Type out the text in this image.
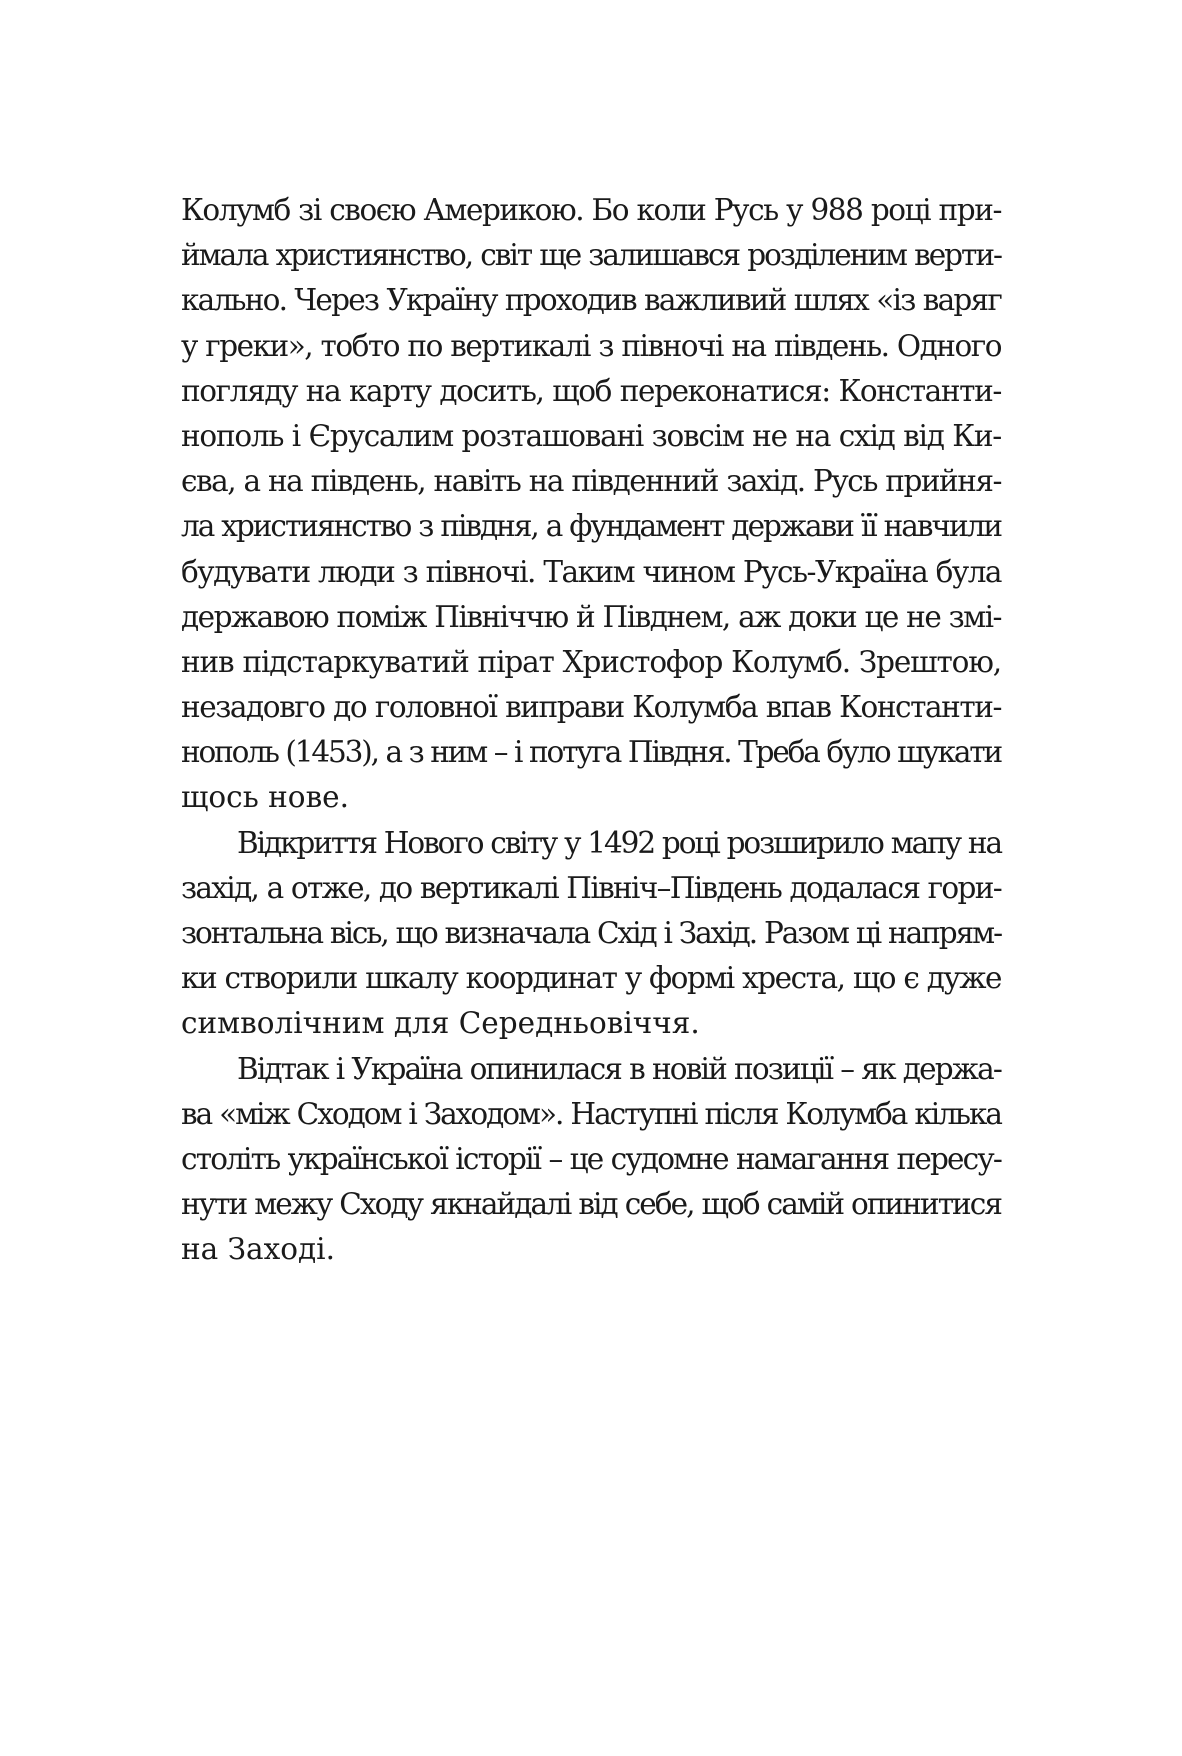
Колумб зі своєю Америкою. Бо коли Русь у 988 році при-
ймала християнство, світ ще залишався розділеним верти-
кально. Через Україну проходив важливий шлях «із варяг
у греки», тобто по вертикалі з півночі на південь. Одного
погляду на карту досить, щоб переконатися: Константи-
нополь і Єрусалим розташовані зовсім не на схід від Ки-
єва, а на південь, навіть на південний захід. Русь прийня-
ла християнство з півдня, а фундамент держави її навчили
будувати люди з півночі. Таким чином Русь-Україна була
державою поміж Північчю й Півднем, аж доки це не змі-
нив підстаркуватий пірат Христофор Колумб. Зрештою,
незадовго до головної виправи Колумба впав Константи-
нополь (1453), а з ним – і потуга Півдня. Треба було шукати
щось нове.
Відкриття Нового світу у 1492 році розширило мапу на
захід, а отже, до вертикалі Північ–Південь додалася гори-
зонтальна вісь, що визначала Схід і Захід. Разом ці напрям-
ки створили шкалу координат у формі хреста, що є дуже
символічним для Середньовіччя.
Відтак і Україна опинилася в новій позиції – як держа-
ва «між Сходом і Заходом». Наступні після Колумба кілька
століть української історії – це судомне намагання пересу-
нути межу Сходу якнайдалі від себе, щоб самій опинитися
на Заході.
